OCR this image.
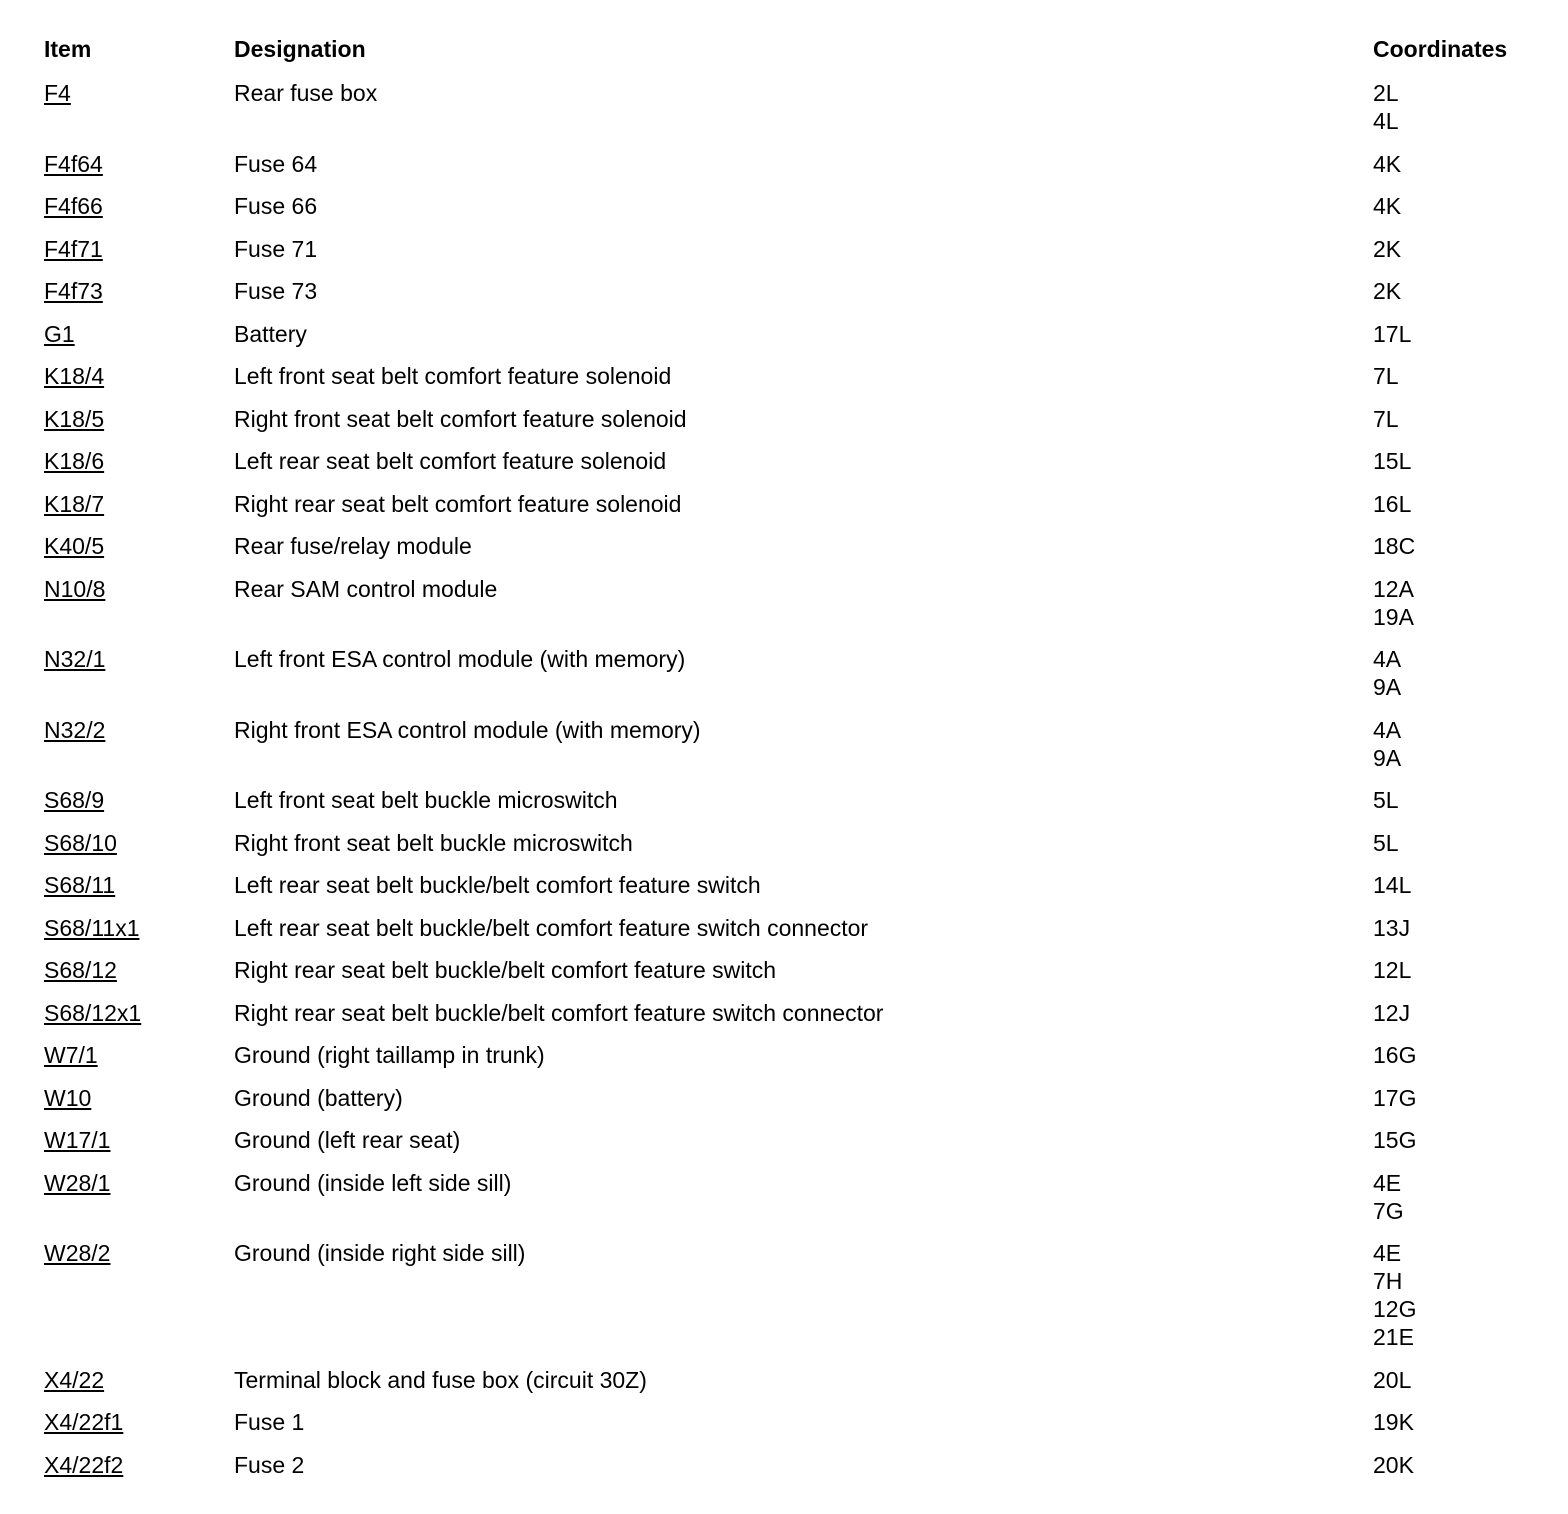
Item	Designation	Coordinates
F4	Rear fuse box	2L
4L
F4f64	Fuse 64	4K
F4f66	Fuse 66	4K
F4f71	Fuse 71	2K
F4f73	Fuse 73	2K
G1	Battery	17L
K18/4	Left front seat belt comfort feature solenoid	7L
K18/5	Right front seat belt comfort feature solenoid	7L
K18/6	Left rear seat belt comfort feature solenoid	15L
K18/7	Right rear seat belt comfort feature solenoid	16L
K40/5	Rear fuse/relay module	18C
N10/8	Rear SAM control module	12A
19A
N32/1	Left front ESA control module (with memory)	4A
9A
N32/2	Right front ESA control module (with memory)	4A
9A
S68/9	Left front seat belt buckle microswitch	5L
S68/10	Right front seat belt buckle microswitch	5L
S68/11	Left rear seat belt buckle/belt comfort feature switch	14L
S68/11x1	Left rear seat belt buckle/belt comfort feature switch connector	13J
S68/12	Right rear seat belt buckle/belt comfort feature switch	12L
S68/12x1	Right rear seat belt buckle/belt comfort feature switch connector	12J
W7/1	Ground (right taillamp in trunk)	16G
W10	Ground (battery)	17G
W17/1	Ground (left rear seat)	15G
W28/1	Ground (inside left side sill)	4E
7G
W28/2	Ground (inside right side sill)	4E
7H
12G
21E
X4/22	Terminal block and fuse box (circuit 30Z)	20L
X4/22f1	Fuse 1	19K
X4/22f2	Fuse 2	20K
